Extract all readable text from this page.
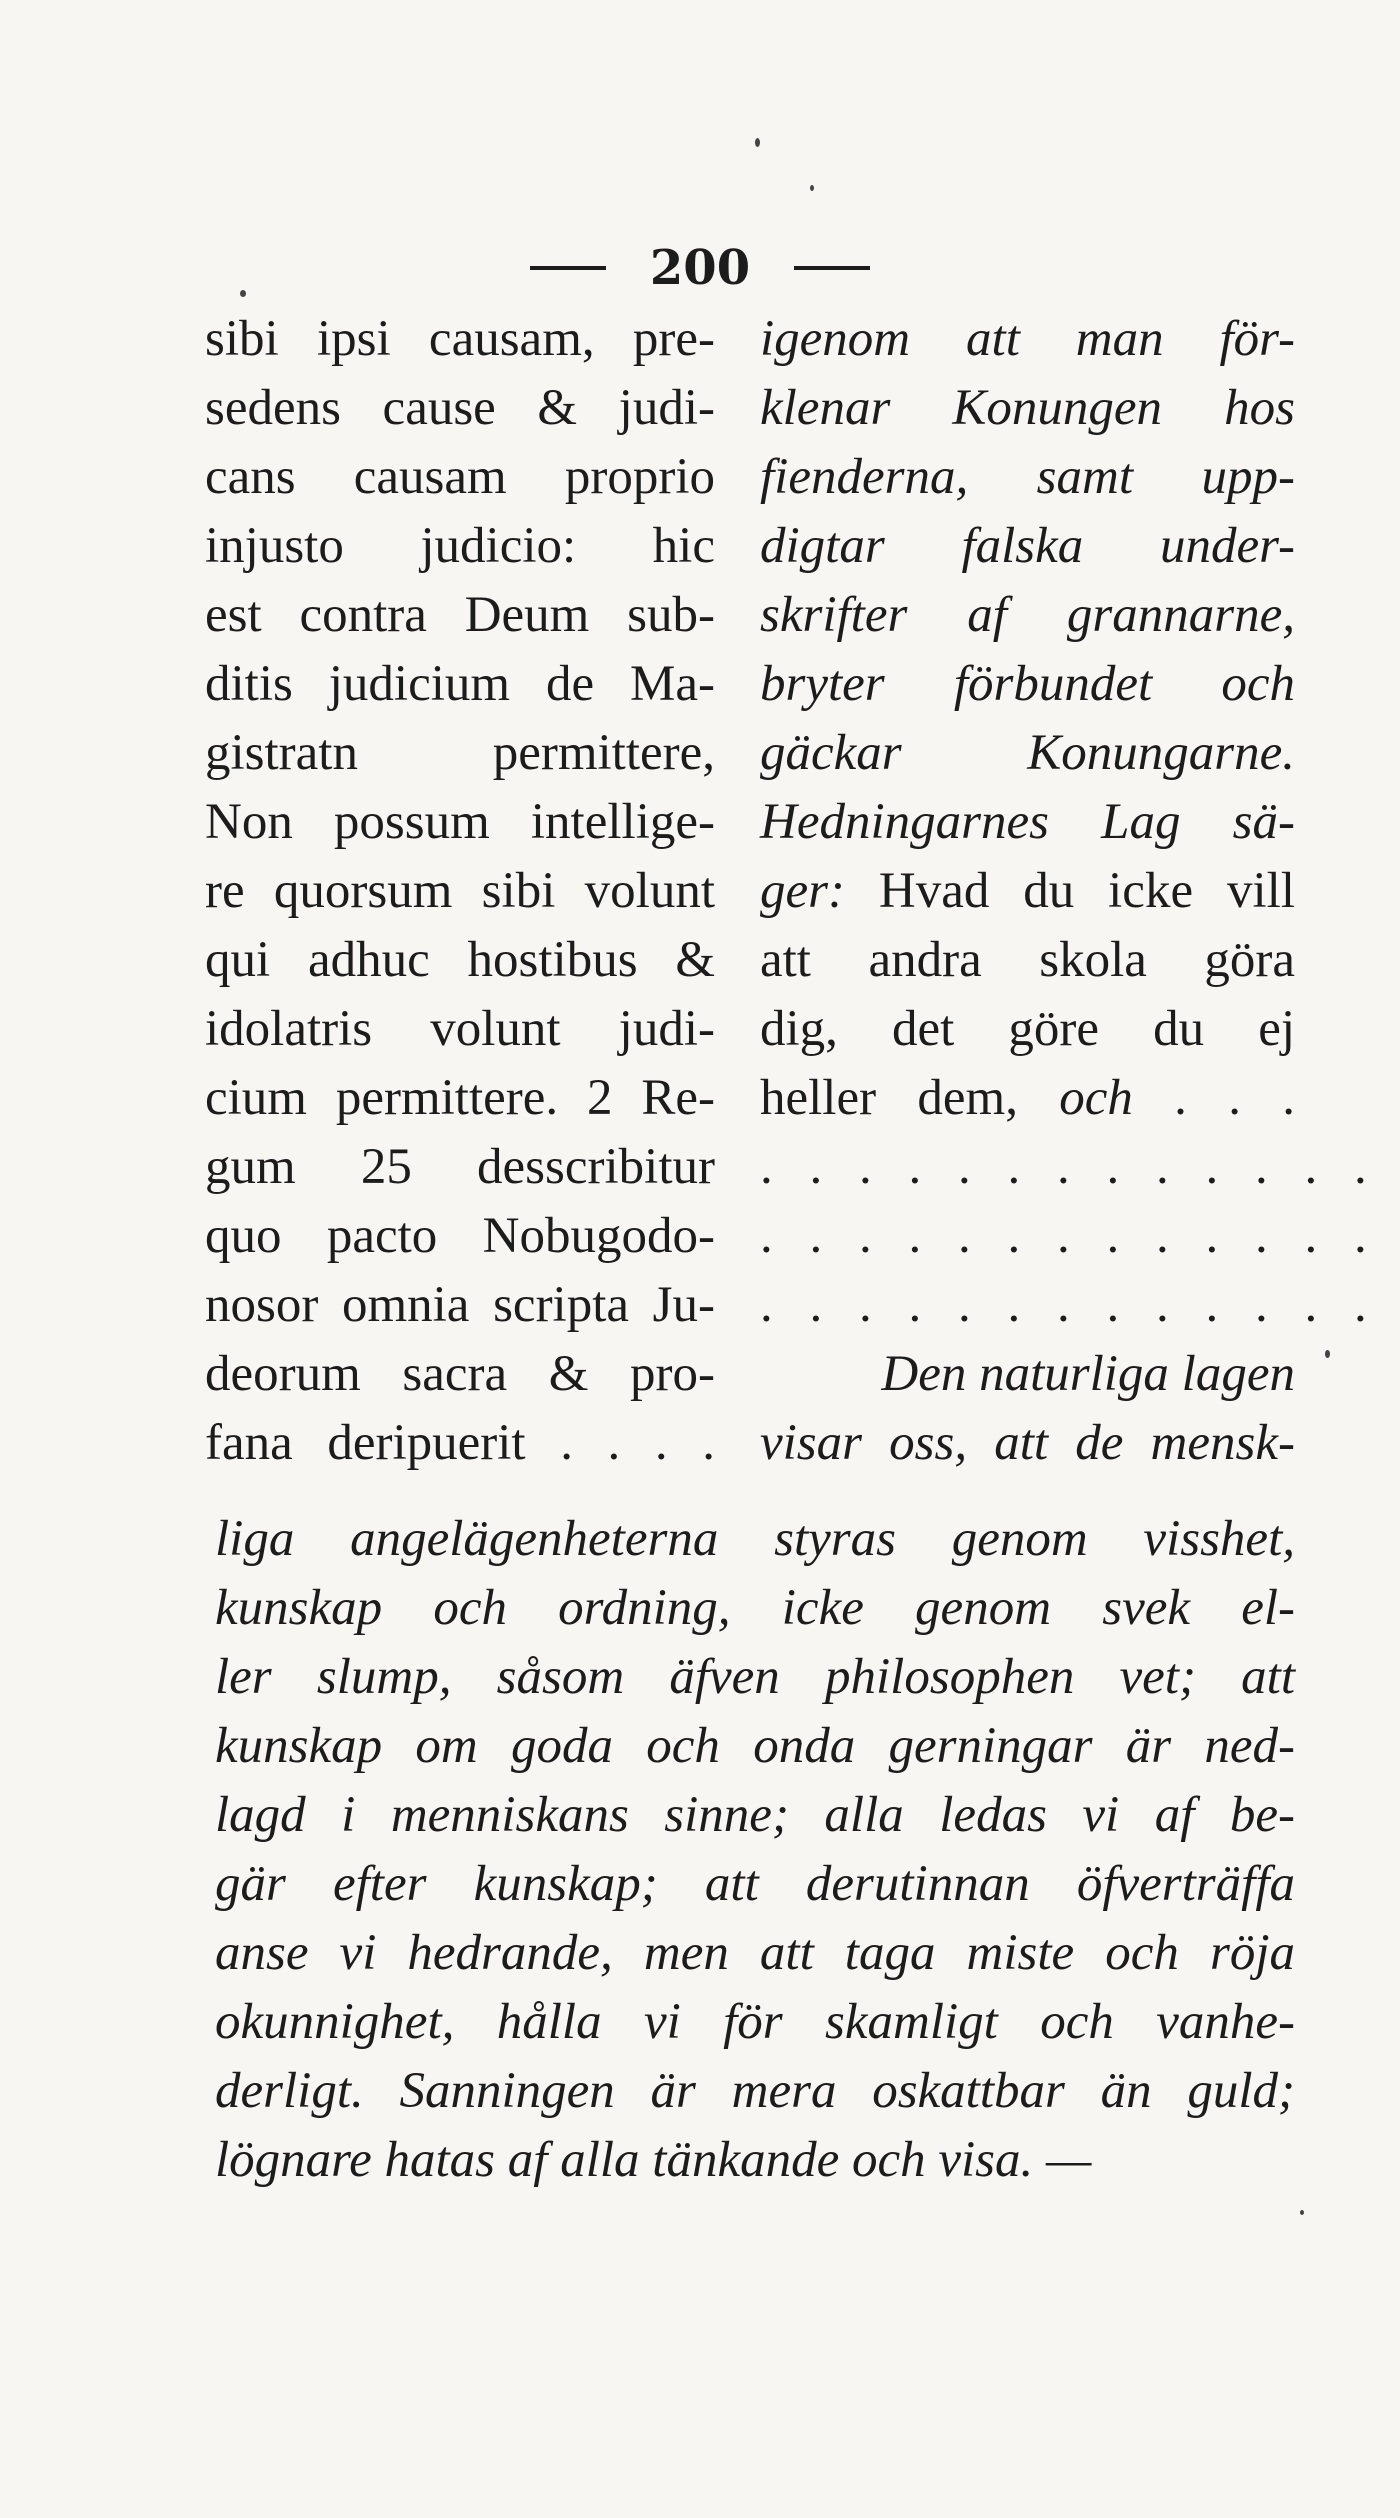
200
sibi ipsi causam, pre-
sedens cause & judi-
cans causam proprio
injusto judicio: hic
est contra Deum sub-
ditis judicium de Ma-
gistratn permittere,
Non possum intellige-
re quorsum sibi volunt
qui adhuc hostibus &
idolatris volunt judi-
cium permittere. 2 Re-
gum 25 desscribitur
quo pacto Nobugodo-
nosor omnia scripta Ju-
deorum sacra & pro-
fana deripuerit . . . .
igenom att man för-
klenar Konungen hos
fienderna, samt upp-
digtar falska under-
skrifter af grannarne,
bryter förbundet och
gäckar Konungarne.
Hedningarnes Lag sä-
ger: Hvad du icke vill
att andra skola göra
dig, det göre du ej
heller dem, och . . .
. . . . . . . . . . . . .
. . . . . . . . . . . . .
. . . . . . . . . . . . .
Den naturliga lagen
visar oss, att de mensk-
liga angelägenheterna styras genom visshet,
kunskap och ordning, icke genom svek el-
ler slump, såsom äfven philosophen vet; att
kunskap om goda och onda gerningar är ned-
lagd i menniskans sinne; alla ledas vi af be-
gär efter kunskap; att derutinnan öfverträffa
anse vi hedrande, men att taga miste och röja
okunnighet, hålla vi för skamligt och vanhe-
derligt. Sanningen är mera oskattbar än guld;
lögnare hatas af alla tänkande och visa. —
